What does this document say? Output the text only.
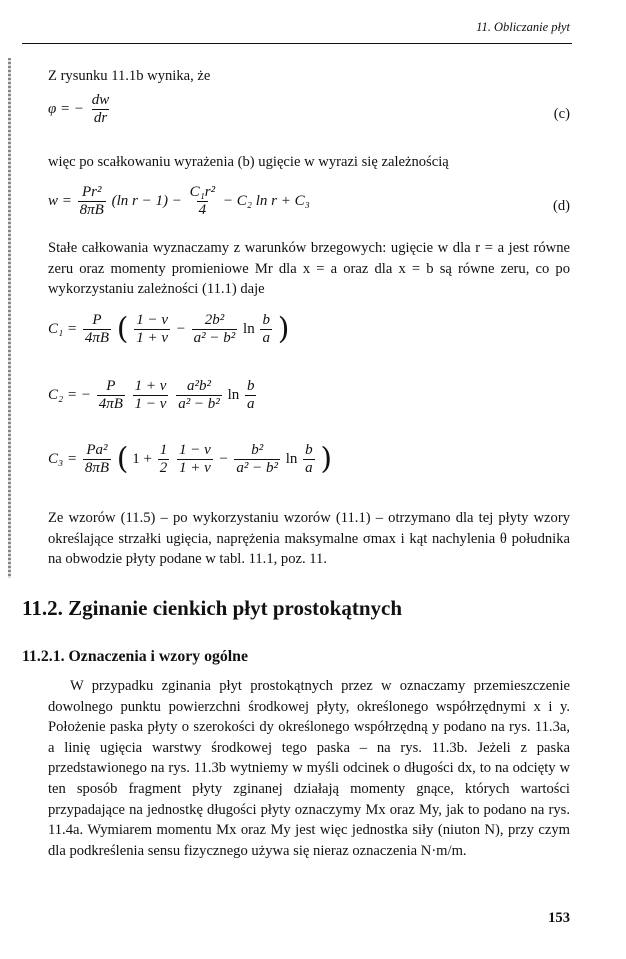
11. Obliczanie płyt
Z rysunku 11.1b wynika, że
φ = − $\frac{dw}{dr}$	(c)
więc po scałkowaniu wyrażenia (b) ugięcie w wyrazi się zależnością
$w = \frac{\text{Pr²}}{8\pi B} (\ln$ $r - 1) - \frac{\text{C₁r²}}{4} - C_2$ ln r + C₃	(d)
Stałe całkowania wyznaczamy z warunków brzegowych: ugięcie w dla r = a jest równe zeru oraz momenty promieniowe Mr dla x = a oraz dla x = b są równe zeru, co po wykorzystaniu zależności (11.1) daje
$C_1 = \frac{P}{4\pi B}$ ( $\frac{1 - \nu}{1 + \nu} - \frac{\text{2b²}}{\text{a² − b²}}$ $\ln \frac{b}{a}$ )
C₂ = − $\frac{P}{4\pi B}$
$\frac{1 + \nu}{1 - \nu}$
$\frac{\text{a²b²}}{\text{a² − b²}}$ $\ln \frac{b}{a}$
$C_3 = \frac{\text{Pa²}}{8\pi B}$ ( $1 + \frac{1}{2}$
$\frac{1 - \nu}{1 + \nu} - \frac{\text{b²}}{\text{a² − b²}}$ $\ln \frac{b}{a}$ )
Ze wzorów (11.5) – po wykorzystaniu wzorów (11.1) – otrzymano dla tej płyty wzory określające strzałki ugięcia, naprężenia maksymalne σmax i kąt nachylenia θ południka na obwodzie płyty podane w tabl. 11.1, poz. 11.
11.2. Zginanie cienkich płyt prostokątnych
11.2.1. Oznaczenia i wzory ogólne
W przypadku zginania płyt prostokątnych przez w oznaczamy przemieszczenie dowolnego punktu powierzchni środkowej płyty, określonego współrzędnymi x i y. Położenie paska płyty o szerokości dy określonego współrzędną y podano na rys. 11.3a, a linię ugięcia warstwy środkowej tego paska – na rys. 11.3b. Jeżeli z paska przedstawionego na rys. 11.3b wytniemy w myśli odcinek o długości dx, to na odcięty w ten sposób fragment płyty zginanej działają momenty gnące, których wartości przypadające na jednostkę długości płyty oznaczymy Mx oraz My, jak to podano na rys. 11.4a. Wymiarem momentu Mx oraz My jest więc jednostka siły (niuton N), przy czym dla podkreślenia sensu fizycznego używa się nieraz oznaczenia N·m/m.
153
